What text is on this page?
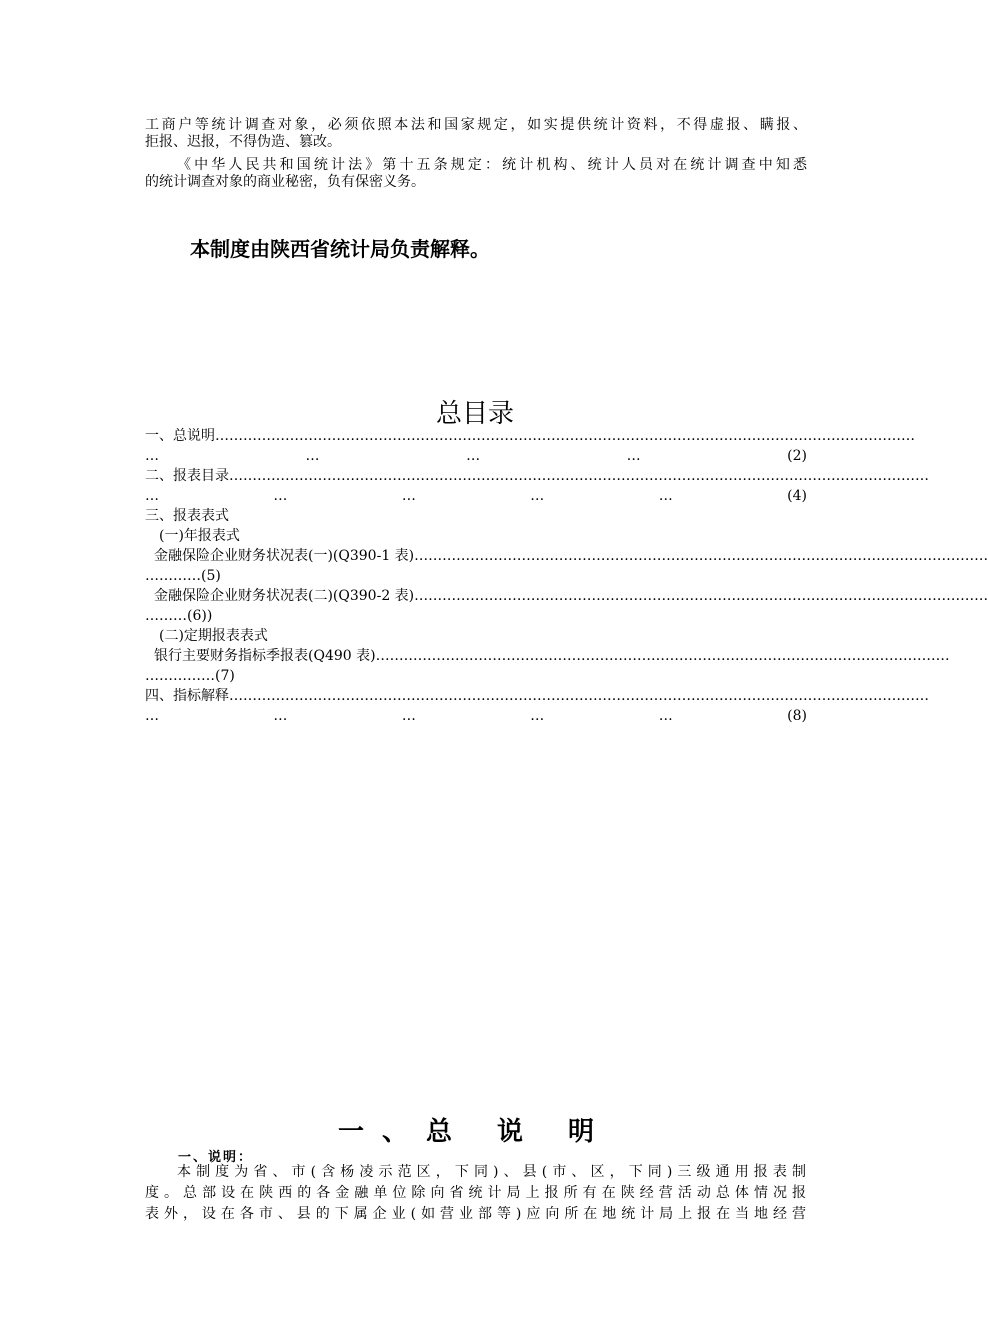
工商户等统计调查对象，必须依照本法和国家规定，如实提供统计资料，不得虚报、瞒报、
拒报、迟报，不得伪造、篡改。
《中华人民共和国统计法》第十五条规定：统计机构、统计人员对在统计调查中知悉
的统计调查对象的商业秘密，负有保密义务。
本制度由陕西省统计局负责解释。
总目录
一、总说明 ……………………………………………………………………………………………………………………………………
…	…	…	…	(2)
二、报表目录 ……………………………………………………………………………………………………………………………………
…	…	…	…	…	(4)
三、报表表式
(一)年报表式
金融保险企业财务状况表(一)(Q390-1 表) ……………………………………………………………………………………………………………
…………(5)
金融保险企业财务状况表(二)(Q390-2 表) ……………………………………………………………………………………………………………
………(6))
(二)定期报表表式
银行主要财务指标季报表(Q490 表) ……………………………………………………………………………………………………………
……………(7)
四、指标解释 ……………………………………………………………………………………………………………………………………
…	…	…	…	…	(8)
一、总 说 明
一、说明：
本制度为省、市(含杨凌示范区，下同)、县(市、区，下同)三级通用报表制
度。总部设在陕西的各金融单位除向省统计局上报所有在陕经营活动总体情况报
表外，设在各市、县的下属企业(如营业部等)应向所在地统计局上报在当地经营
